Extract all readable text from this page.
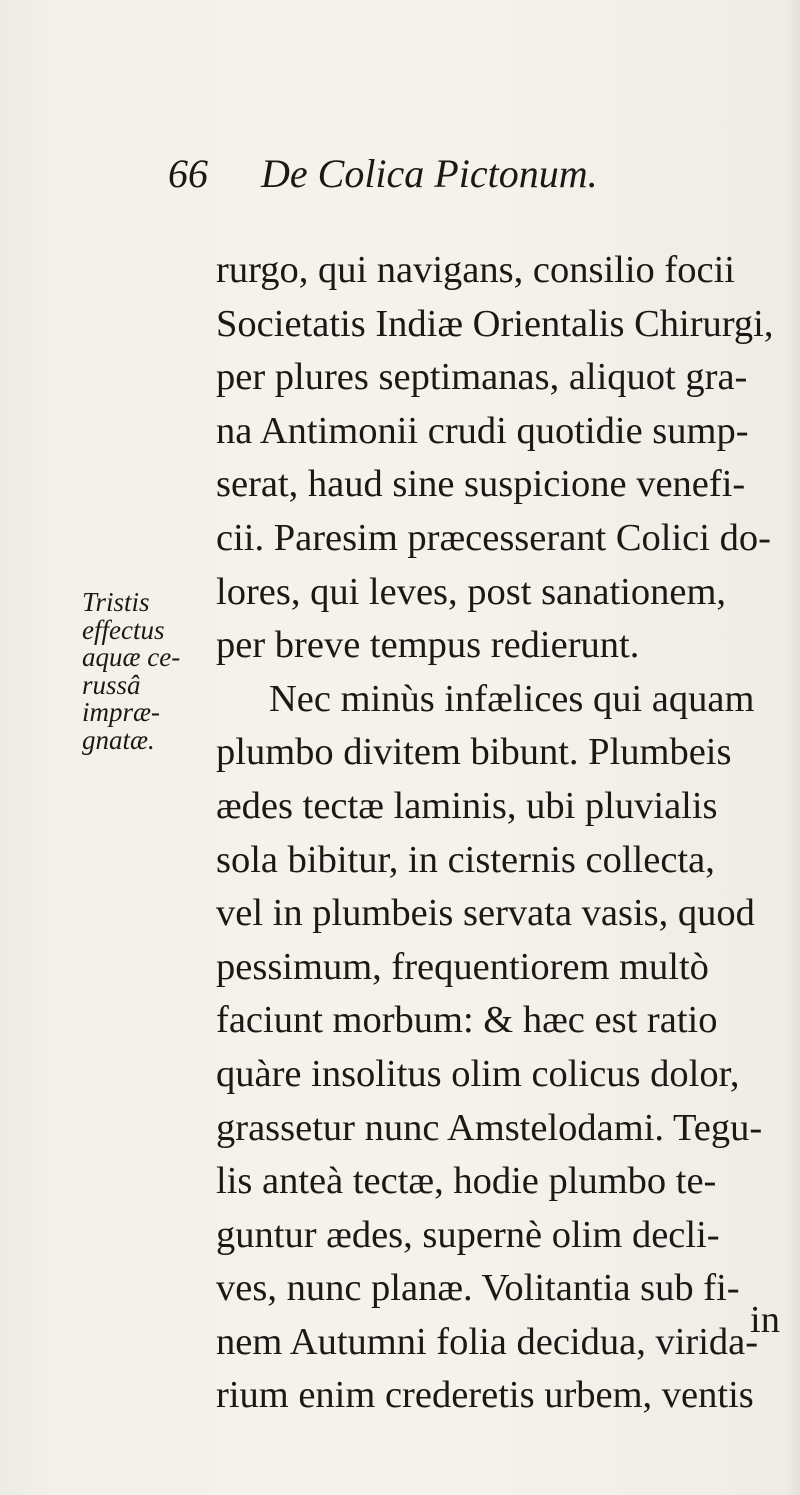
66 De Colica Pictonum.
Tristis
effectus
aquæ ce-
russâ
impræ-
gnatæ.
rurgo, qui navigans, consilio focii
Societatis Indiæ Orientalis Chirurgi,
per plures septimanas, aliquot gra-
na Antimonii crudi quotidie sump-
serat, haud sine suspicione venefi-
cii. Paresim præcesserant Colici do-
lores, qui leves, post sanationem,
per breve tempus redierunt.
Nec minùs infælices qui aquam
plumbo divitem bibunt. Plumbeis
ædes tectæ laminis, ubi pluvialis
sola bibitur, in cisternis collecta,
vel in plumbeis servata vasis, quod
pessimum, frequentiorem multò
faciunt morbum: & hæc est ratio
quàre insolitus olim colicus dolor,
grassetur nunc Amstelodami. Tegu-
lis anteà tectæ, hodie plumbo te-
guntur ædes, supernè olim decli-
ves, nunc planæ. Volitantia sub fi-
nem Autumni folia decidua, virida-
rium enim crederetis urbem, ventis
in
